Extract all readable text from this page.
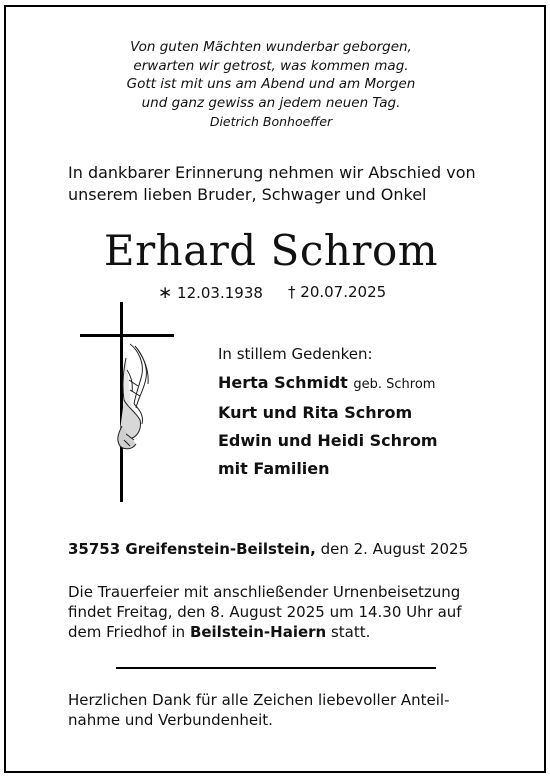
Von guten Mächten wunderbar geborgen,
erwarten wir getrost, was kommen mag.
Gott ist mit uns am Abend und am Morgen
und ganz gewiss an jedem neuen Tag.
Dietrich Bonhoeffer
In dankbarer Erinnerung nehmen wir Abschied von
unserem lieben Bruder, Schwager und Onkel
Erhard Schrom
∗ 12.03.1938 † 20.07.2025
In stillem Gedenken:
Herta Schmidt geb. Schrom
Kurt und Rita Schrom
Edwin und Heidi Schrom
mit Familien
35753 Greifenstein-Beilstein, den 2. August 2025
Die Trauerfeier mit anschließender Urnenbeisetzung
findet Freitag, den 8. August 2025 um 14.30 Uhr auf
dem Friedhof in Beilstein-Haiern statt.
Herzlichen Dank für alle Zeichen liebevoller Anteil-
nahme und Verbundenheit.
